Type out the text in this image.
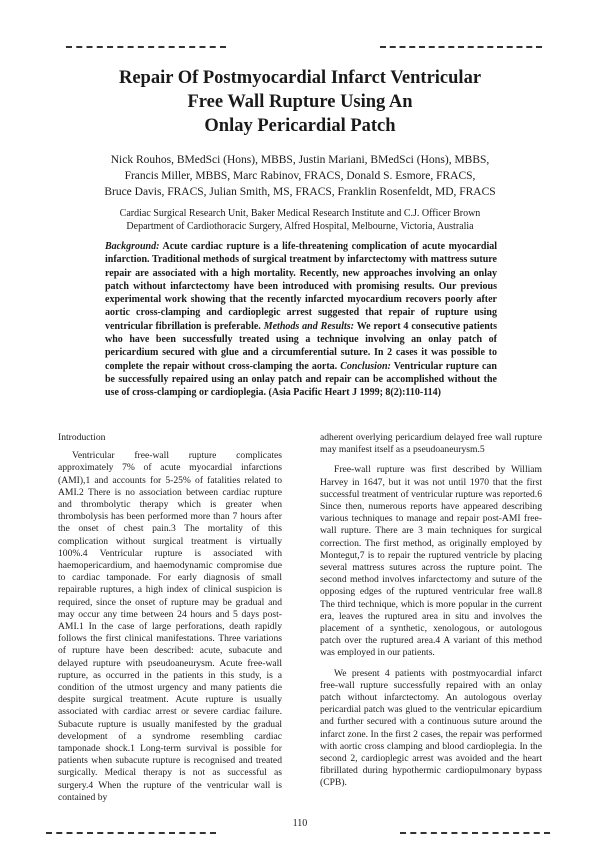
Repair Of Postmyocardial Infarct Ventricular
Free Wall Rupture Using An
Onlay Pericardial Patch
Nick Rouhos, BMedSci (Hons), MBBS, Justin Mariani, BMedSci (Hons), MBBS,
Francis Miller, MBBS, Marc Rabinov, FRACS, Donald S. Esmore, FRACS,
Bruce Davis, FRACS, Julian Smith, MS, FRACS, Franklin Rosenfeldt, MD, FRACS
Cardiac Surgical Research Unit, Baker Medical Research Institute and C.J. Officer Brown
Department of Cardiothoracic Surgery, Alfred Hospital, Melbourne, Victoria, Australia
Background: Acute cardiac rupture is a life-threatening complication of acute myocardial infarction. Traditional methods of surgical treatment by infarctectomy with mattress suture repair are associated with a high mortality. Recently, new approaches involving an onlay patch without infarctectomy have been introduced with promising results. Our previous experimental work showing that the recently infarcted myocardium recovers poorly after aortic cross-clamping and cardioplegic arrest suggested that repair of rupture using ventricular fibrillation is preferable. Methods and Results: We report 4 consecutive patients who have been successfully treated using a technique involving an onlay patch of pericardium secured with glue and a circumferential suture. In 2 cases it was possible to complete the repair without cross-clamping the aorta. Conclusion: Ventricular rupture can be successfully repaired using an onlay patch and repair can be accomplished without the use of cross-clamping or cardioplegia. (Asia Pacific Heart J 1999; 8(2):110-114)
Introduction

Ventricular free-wall rupture complicates approximately 7% of acute myocardial infarctions (AMI),1 and accounts for 5-25% of fatalities related to AMI.2 There is no association between cardiac rupture and thrombolytic therapy which is greater when thrombolysis has been performed more than 7 hours after the onset of chest pain.3 The mortality of this complication without surgical treatment is virtually 100%.4 Ventricular rupture is associated with haemopericardium, and haemodynamic compromise due to cardiac tamponade. For early diagnosis of small repairable ruptures, a high index of clinical suspicion is required, since the onset of rupture may be gradual and may occur any time between 24 hours and 5 days post-AMI.1 In the case of large perforations, death rapidly follows the first clinical manifestations. Three variations of rupture have been described: acute, subacute and delayed rupture with pseudoaneurysm. Acute free-wall rupture, as occurred in the patients in this study, is a condition of the utmost urgency and many patients die despite surgical treatment. Acute rupture is usually associated with cardiac arrest or severe cardiac failure. Subacute rupture is usually manifested by the gradual development of a syndrome resembling cardiac tamponade shock.1 Long-term survival is possible for patients when subacute rupture is recognised and treated surgically. Medical therapy is not as successful as surgery.4 When the rupture of the ventricular wall is contained by

adherent overlying pericardium delayed free wall rupture may manifest itself as a pseudoaneurysm.5

Free-wall rupture was first described by William Harvey in 1647, but it was not until 1970 that the first successful treatment of ventricular rupture was reported.6 Since then, numerous reports have appeared describing various techniques to manage and repair post-AMI free-wall rupture. There are 3 main techniques for surgical correction. The first method, as originally employed by Montegut,7 is to repair the ruptured ventricle by placing several mattress sutures across the rupture point. The second method involves infarctectomy and suture of the opposing edges of the ruptured ventricular free wall.8 The third technique, which is more popular in the current era, leaves the ruptured area in situ and involves the placement of a synthetic, xenologous, or autologous patch over the ruptured area.4 A variant of this method was employed in our patients.

We present 4 patients with postmyocardial infarct free-wall rupture successfully repaired with an onlay patch without infarctectomy. An autologous overlay pericardial patch was glued to the ventricular epicardium and further secured with a continuous suture around the infarct zone. In the first 2 cases, the repair was performed with aortic cross clamping and blood cardioplegia. In the second 2, cardioplegic arrest was avoided and the heart fibrillated during hypothermic cardiopulmonary bypass (CPB).

110
